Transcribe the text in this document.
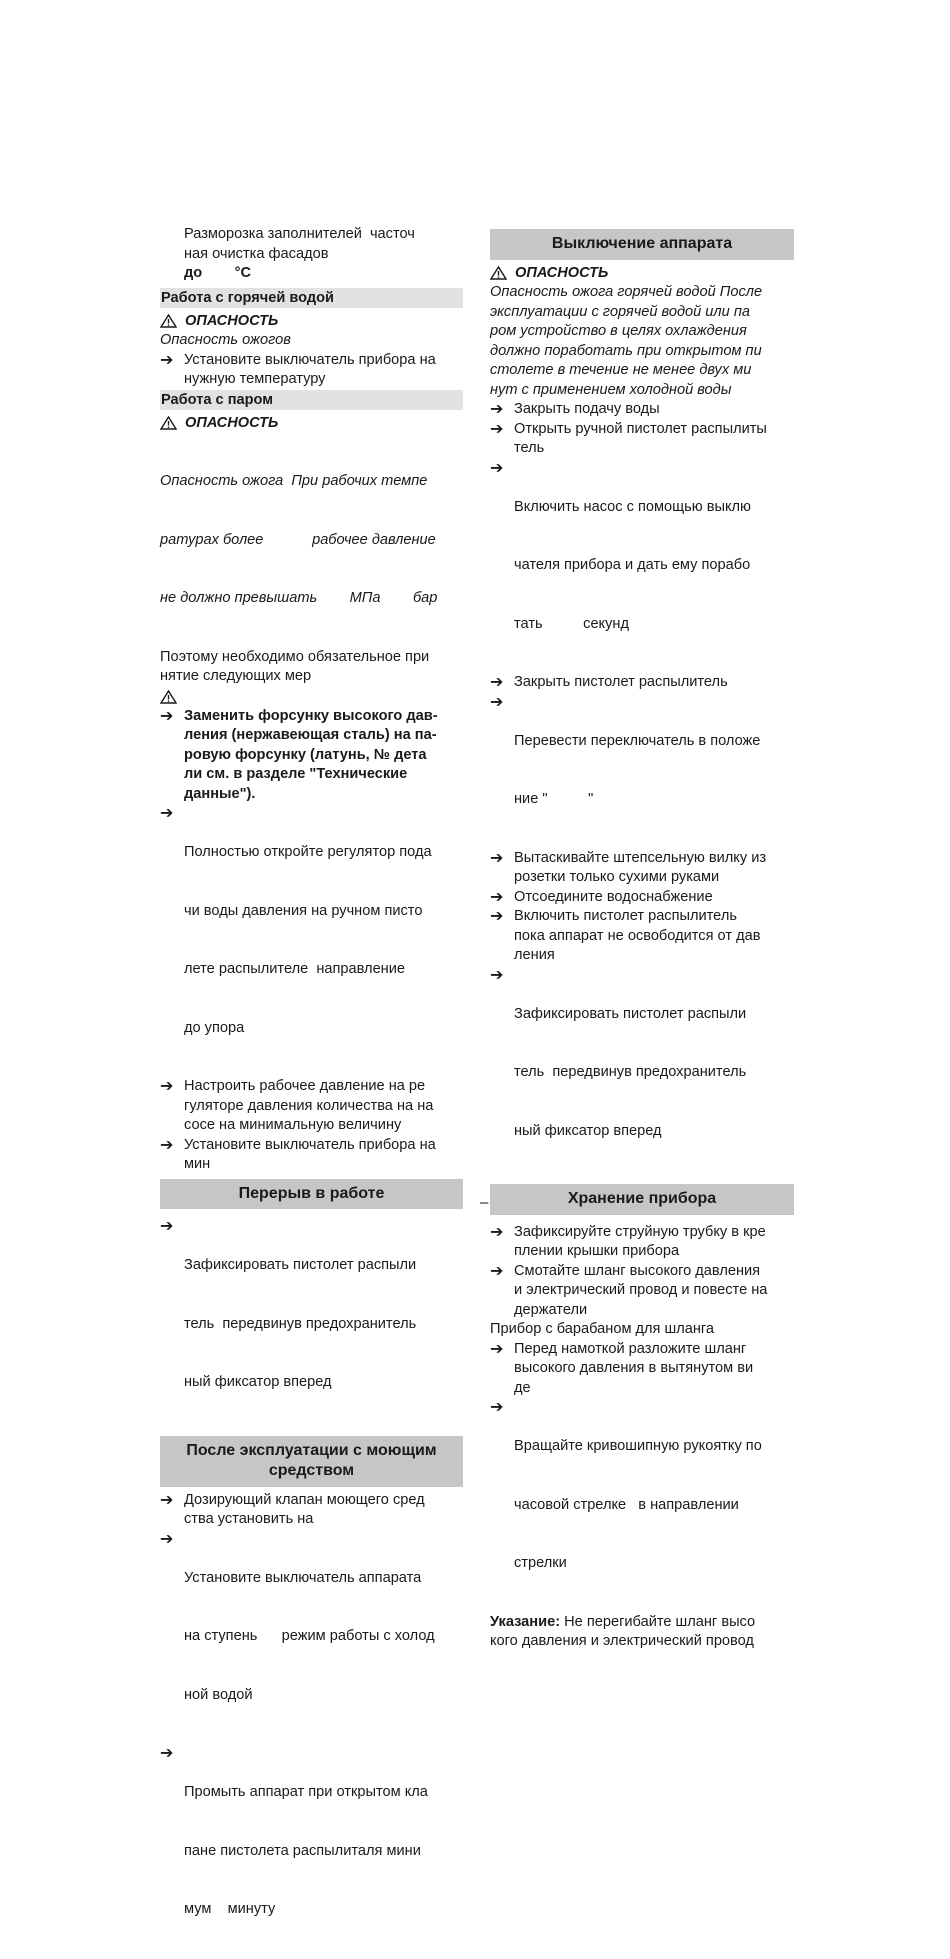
Разморозка заполнителей  часточ
ная очистка фасадов
до        °С
Работа с горячей водой
ОПАСНОСТЬ
Опасность ожогов
➔ Установите выключатель прибора на
нужную температуру
Работа с паром
ОПАСНОСТЬ

Опасность ожога  При рабочих темпе

ратурах более            рабочее давление

не должно превышать        МПа        бар

Поэтому необходимо обязательное при
нятие следующих мер
➔ Заменить форсунку высокого дав-
ления (нержавеющая сталь) на па-
ровую форсунку (латунь, № дета
ли см. в разделе "Технические
данные").
➔

Полностью откройте регулятор пода

чи воды давления на ручном писто

лете распылителе  направление

до упора

➔ Настроить рабочее давление на ре
гуляторе давления количества на на
сосе на минимальную величину
➔ Установите выключатель прибора на
мин
Перерыв в работе
➔

Зафиксировать пистолет распыли

тель  передвинув предохранитель

ный фиксатор вперед

После эксплуатации с моющим
средством
➔ Дозирующий клапан моющего сред
ства установить на
➔

Установите выключатель аппарата

на ступень      режим работы с холод

ной водой

➔

Промыть аппарат при открытом кла

пане пистолета распылиталя мини

мум    минуту

Выключение аппарата
ОПАСНОСТЬ
Опасность ожога горячей водой После
эксплуатации с горячей водой или па
ром устройство в целях охлаждения
должно поработать при открытом пи
столете в течение не менее двух ми
нут с применением холодной воды
➔ Закрыть подачу воды
➔ Открыть ручной пистолет распылиты
тель
➔

Включить насос с помощью выклю

чателя прибора и дать ему порабо

тать          секунд

➔ Закрыть пистолет распылитель
➔

Перевести переключатель в положе

ние "          "

➔ Вытаскивайте штепсельную вилку из
розетки только сухими руками
➔ Отсоедините водоснабжение
➔ Включить пистолет распылитель
пока аппарат не освободится от дав
ления
➔

Зафиксировать пистолет распыли

тель  передвинув предохранитель

ный фиксатор вперед

Хранение прибора
➔ Зафиксируйте струйную трубку в кре
плении крышки прибора
➔ Смотайте шланг высокого давления
и электрический провод и повесте на
держатели
Прибор с барабаном для шланга
➔ Перед намоткой разложите шланг
высокого давления в вытянутом ви
де
➔

Вращайте кривошипную рукоятку по

часовой стрелке   в направлении

стрелки

Указание: Не перегибайте шланг высо
кого давления и электрический провод
–
